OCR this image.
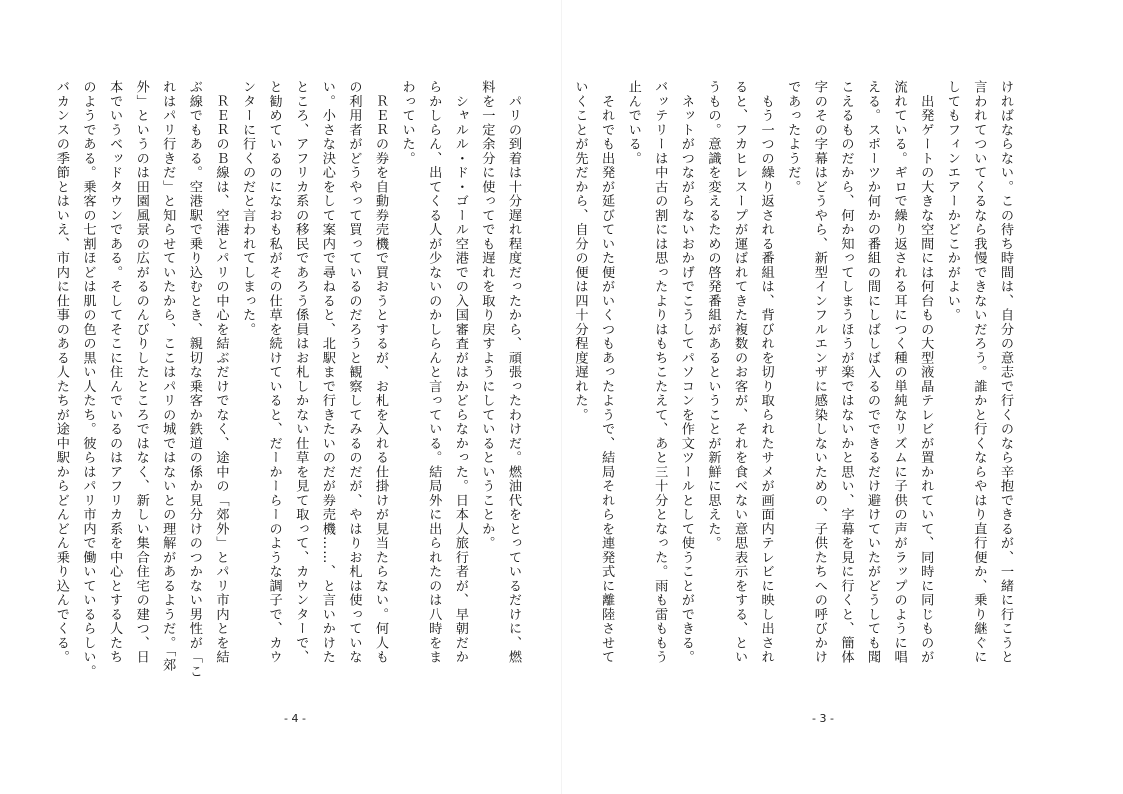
　パリの到着は十分遅れ程度だったから、頑張ったわけだ。燃油代をとっているだけに、燃
料を一定余分に使ってでも遅れを取り戻すようにしているということか。
　シャルル・ド・ゴール空港での入国審査がはかどらなかった。日本人旅行者が、早朝だか
らかしらん、出てくる人が少ないのかしらんと言っている。結局外に出られたのは八時をま
わっていた。
　ＲＥＲの券を自動券売機で買おうとするが、お札を入れる仕掛けが見当たらない。何人も
の利用者がどうやって買っているのだろうと観察してみるのだが、やはりお札は使っていな
い。小さな決心をして案内で尋ねると、北駅まで行きたいのだが券売機……、と言いかけた
ところ、アフリカ系の移民であろう係員はお札しかない仕草を見て取って、カウンターで、
と勧めているのになおも私がその仕草を続けていると、だーかーらーのような調子で、カウ
ンターに行くのだと言われてしまった。
　ＲＥＲのＢ線は、空港とパリの中心を結ぶだけでなく、途中の「郊外」とパリ市内とを結
ぶ線でもある。空港駅で乗り込むとき、親切な乗客か鉄道の係か見分けのつかない男性が「こ
れはパリ行きだ」と知らせていたから、ここはパリの城ではないとの理解があるようだ。「郊
外」というのは田園風景の広がるのんびりしたところではなく、新しい集合住宅の建つ、日
本でいうベッドタウンである。そしてそこに住んでいるのはアフリカ系を中心とする人たち
のようである。乗客の七割ほどは肌の色の黒い人たち。彼らはパリ市内で働いているらしい。
バカンスの季節とはいえ、市内に仕事のある人たちが途中駅からどんどん乗り込んでくる。
- 4 -
ければならない。この待ち時間は、自分の意志で行くのなら辛抱できるが、一緒に行こうと
言われてついてくるなら我慢できないだろう。誰かと行くならやはり直行便か、乗り継ぐに
してもフィンエアーかどこかがよい。
　出発ゲートの大きな空間には何台もの大型液晶テレビが置かれていて、同時に同じものが
流れている。ギロで繰り返される耳につく種の単純なリズムに子供の声がラップのように唱
える。スポーツか何かの番組の間にしばしば入るのでできるだけ避けていたがどうしても聞
こえるものだから、何か知ってしまうほうが楽ではないかと思い、字幕を見に行くと、簡体
字のその字幕はどうやら、新型インフルエンザに感染しないための、子供たちへの呼びかけ
であったようだ。
　もう一つの繰り返される番組は、背びれを切り取られたサメが画面内テレビに映し出され
ると、フカヒレスープが運ばれてきた複数のお客が、それを食べない意思表示をする、とい
うもの。意識を変えるための啓発番組があるということが新鮮に思えた。
　ネットがつながらないおかげでこうしてパソコンを作文ツールとして使うことができる。
バッテリーは中古の割には思ったよりはもちこたえて、あと三十分となった。雨も雷ももう
止んでいる。
　それでも出発が延びていた便がいくつもあったようで、結局それらを連発式に離陸させて
いくことが先だから、自分の便は四十分程度遅れた。
- 3 -
